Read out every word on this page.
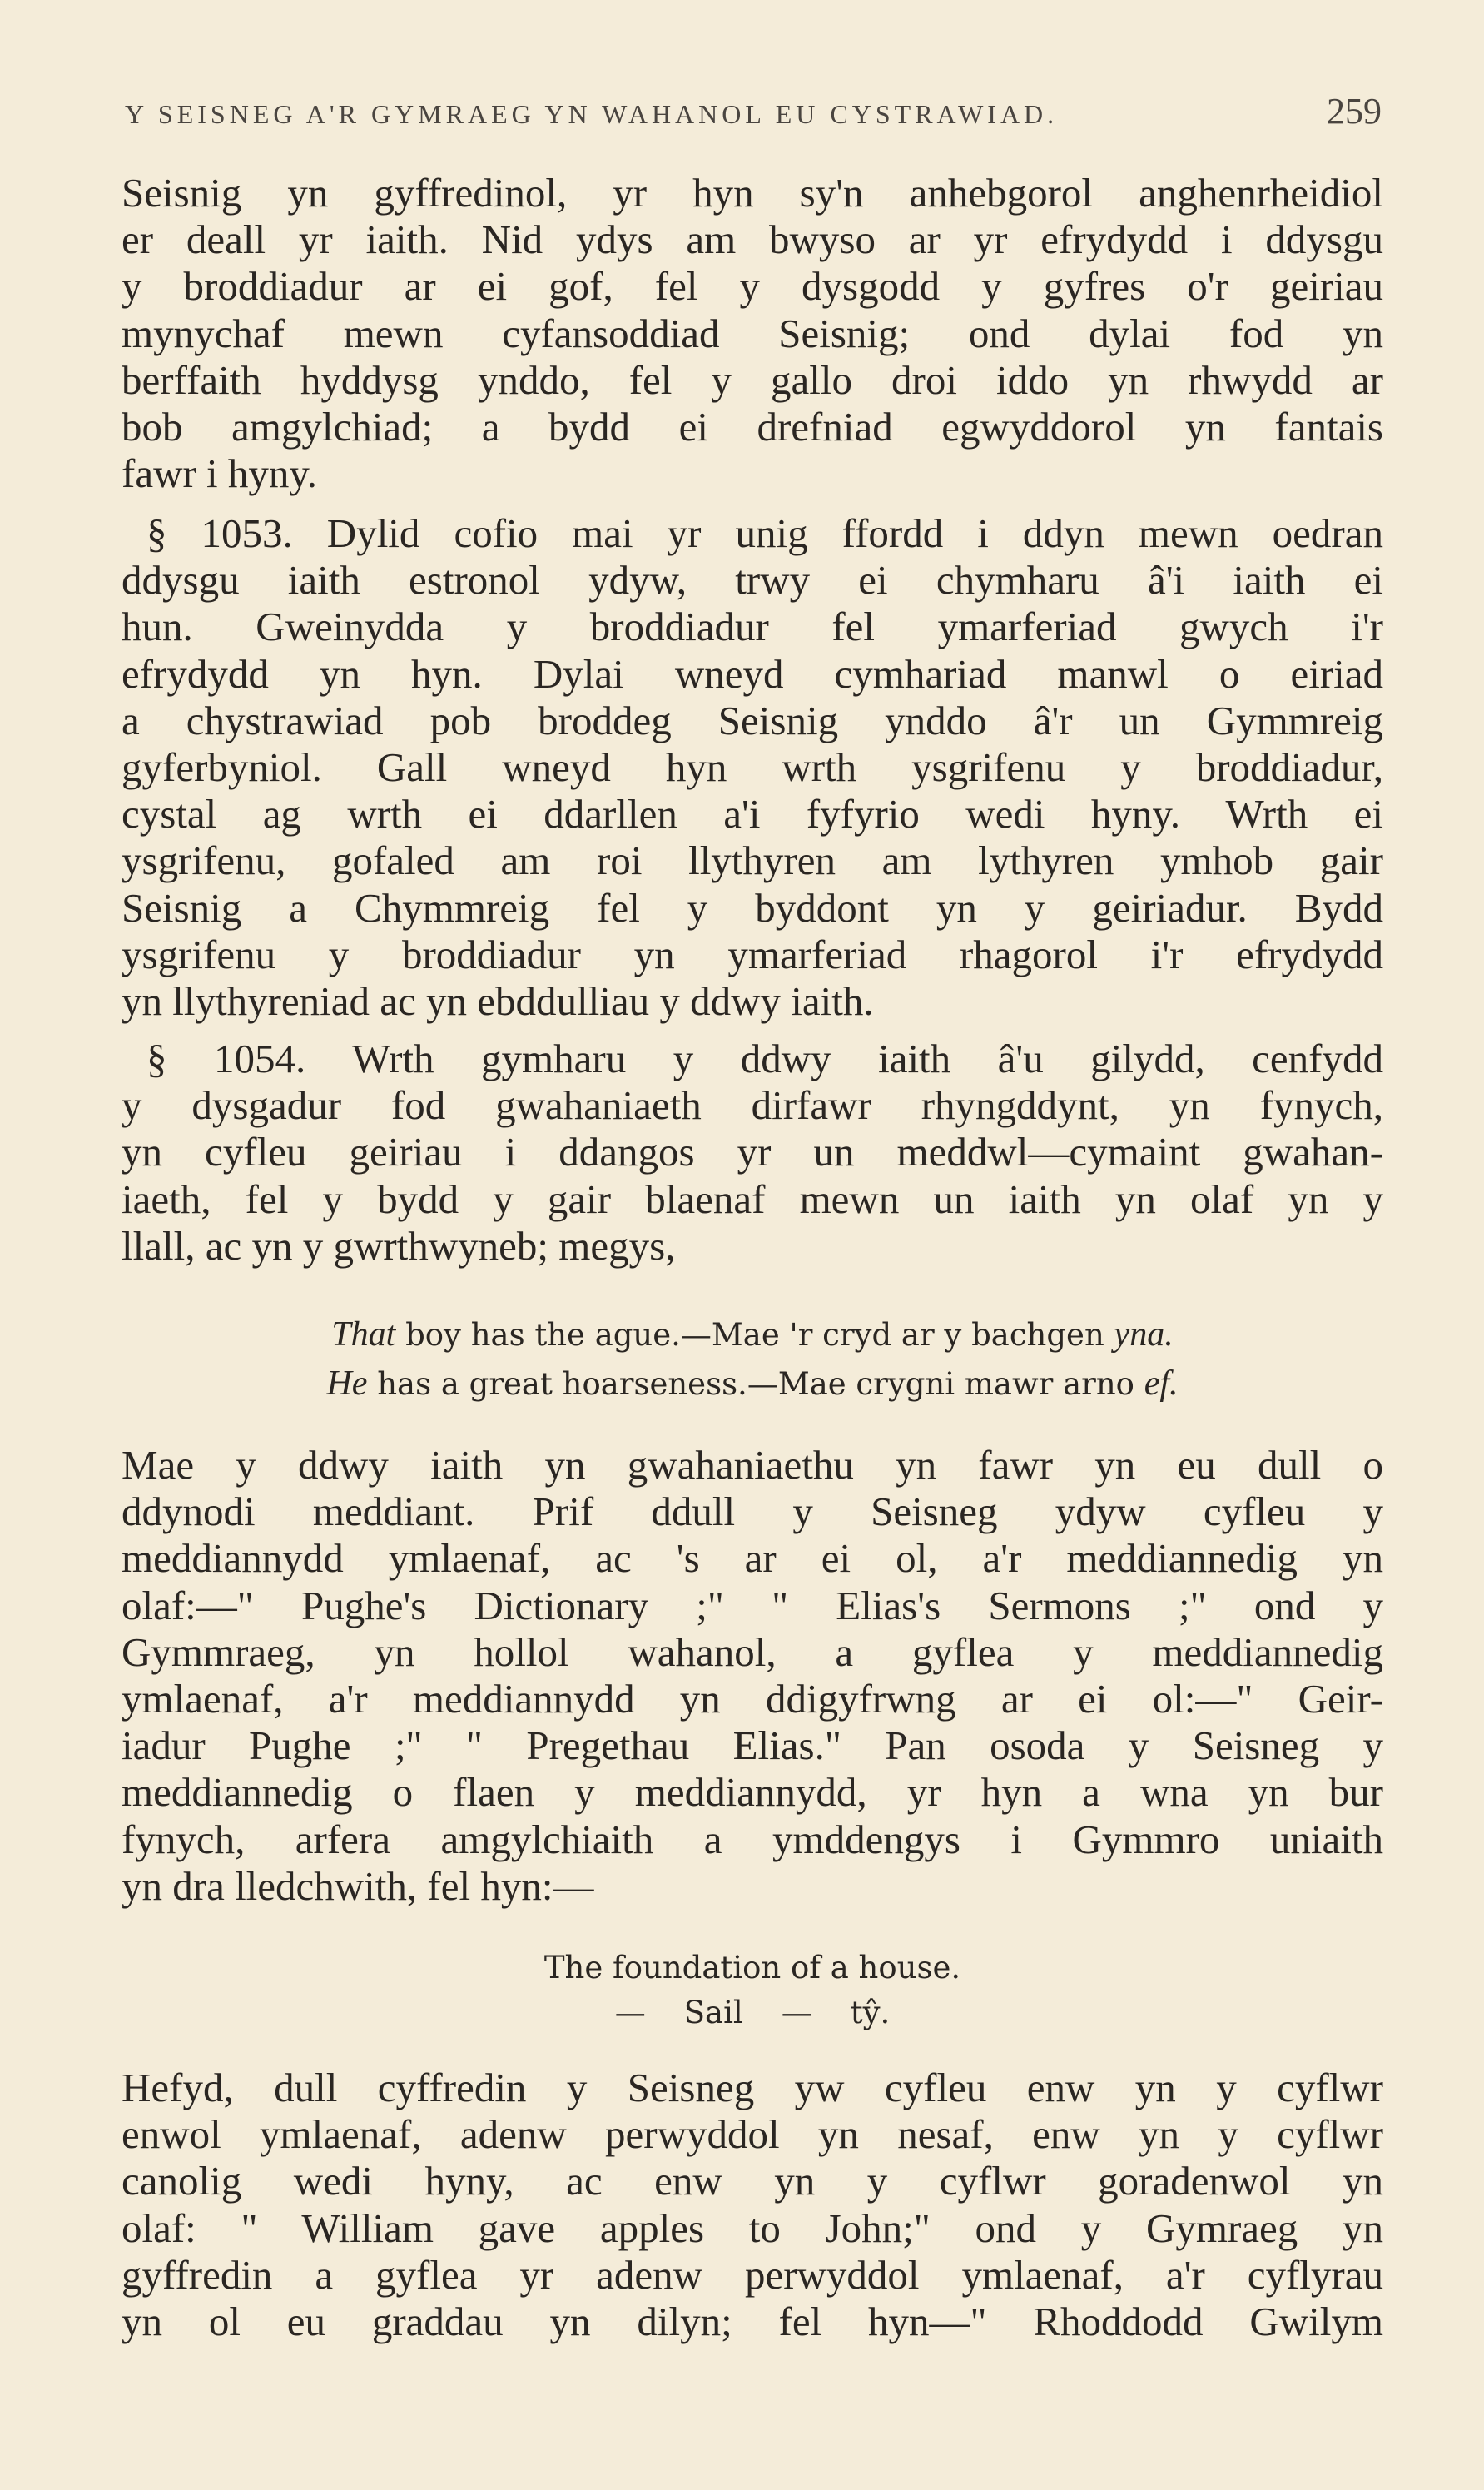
Y SEISNEG A'R GYMRAEG YN WAHANOL EU CYSTRAWIAD.	259
Seisnig yn gyffredinol, yr hyn sy'n anhebgorol anghenrheidiol
er deall yr iaith. Nid ydys am bwyso ar yr efrydydd i ddysgu
y broddiadur ar ei gof, fel y dysgodd y gyfres o'r geiriau
mynychaf mewn cyfansoddiad Seisnig; ond dylai fod yn
berffaith hyddysg ynddo, fel y gallo droi iddo yn rhwydd ar
bob amgylchiad; a bydd ei drefniad egwyddorol yn fantais
fawr i hyny.
§ 1053. Dylid cofio mai yr unig ffordd i ddyn mewn oedran
ddysgu iaith estronol ydyw, trwy ei chymharu â'i iaith ei
hun. Gweinydda y broddiadur fel ymarferiad gwych i'r
efrydydd yn hyn. Dylai wneyd cymhariad manwl o eiriad
a chystrawiad pob broddeg Seisnig ynddo â'r un Gymmreig
gyferbyniol. Gall wneyd hyn wrth ysgrifenu y broddiadur,
cystal ag wrth ei ddarllen a'i fyfyrio wedi hyny. Wrth ei
ysgrifenu, gofaled am roi llythyren am lythyren ymhob gair
Seisnig a Chymmreig fel y byddont yn y geiriadur. Bydd
ysgrifenu y broddiadur yn ymarferiad rhagorol i'r efrydydd
yn llythyreniad ac yn ebddulliau y ddwy iaith.
§ 1054. Wrth gymharu y ddwy iaith â'u gilydd, cenfydd
y dysgadur fod gwahaniaeth dirfawr rhyngddynt, yn fynych,
yn cyfleu geiriau i ddangos yr un meddwl—cymaint gwahan-
iaeth, fel y bydd y gair blaenaf mewn un iaith yn olaf yn y
llall, ac yn y gwrthwyneb; megys,
That boy has the ague.—Mae 'r cryd ar y bachgen yna.
He has a great hoarseness.—Mae crygni mawr arno ef.
Mae y ddwy iaith yn gwahaniaethu yn fawr yn eu dull o
ddynodi meddiant. Prif ddull y Seisneg ydyw cyfleu y
meddiannydd ymlaenaf, ac 's ar ei ol, a'r meddiannedig yn
olaf:—" Pughe's Dictionary ;" " Elias's Sermons ;" ond y
Gymmraeg, yn hollol wahanol, a gyflea y meddiannedig
ymlaenaf, a'r meddiannydd yn ddigyfrwng ar ei ol:—" Geir-
iadur Pughe ;" " Pregethau Elias." Pan osoda y Seisneg y
meddiannedig o flaen y meddiannydd, yr hyn a wna yn bur
fynych, arfera amgylchiaith a ymddengys i Gymmro uniaith
yn dra lledchwith, fel hyn:—
The foundation of a house.
— Sail — tŷ.
Hefyd, dull cyffredin y Seisneg yw cyfleu enw yn y cyflwr
enwol ymlaenaf, adenw perwyddol yn nesaf, enw yn y cyflwr
canolig wedi hyny, ac enw yn y cyflwr goradenwol yn
olaf: " William gave apples to John;" ond y Gymraeg yn
gyffredin a gyflea yr adenw perwyddol ymlaenaf, a'r cyflyrau
yn ol eu graddau yn dilyn; fel hyn—" Rhoddodd Gwilym
